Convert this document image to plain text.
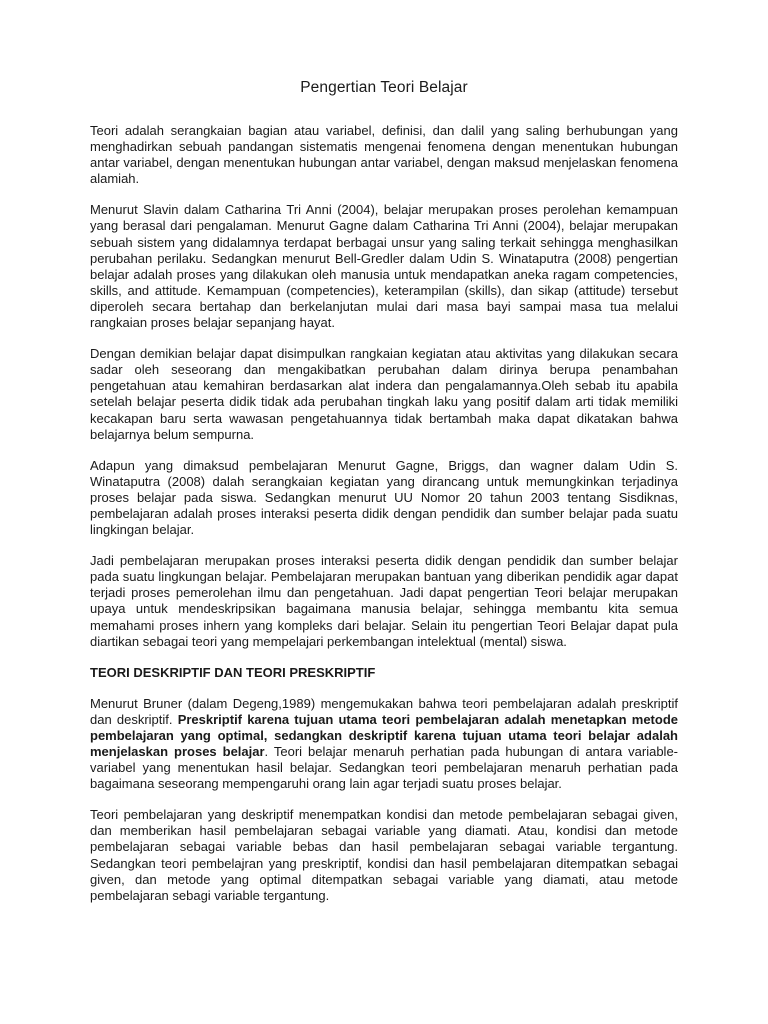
Pengertian Teori Belajar

Teori adalah serangkaian bagian atau variabel, definisi, dan dalil yang saling berhubungan yang menghadirkan sebuah pandangan sistematis mengenai fenomena dengan menentukan hubungan antar variabel, dengan menentukan hubungan antar variabel, dengan maksud menjelaskan fenomena alamiah.

Menurut Slavin dalam Catharina Tri Anni (2004), belajar merupakan proses perolehan kemampuan yang berasal dari pengalaman. Menurut Gagne dalam Catharina Tri Anni (2004), belajar merupakan sebuah sistem yang didalamnya terdapat berbagai unsur yang saling terkait sehingga menghasilkan perubahan perilaku. Sedangkan menurut Bell-Gredler dalam Udin S. Winataputra (2008) pengertian belajar adalah proses yang dilakukan oleh manusia untuk mendapatkan aneka ragam competencies, skills, and attitude. Kemampuan (competencies), keterampilan (skills), dan sikap (attitude) tersebut diperoleh secara bertahap dan berkelanjutan mulai dari masa bayi sampai masa tua melalui rangkaian proses belajar sepanjang hayat.

Dengan demikian belajar dapat disimpulkan rangkaian kegiatan atau aktivitas yang dilakukan secara sadar oleh seseorang dan mengakibatkan perubahan dalam dirinya berupa penambahan pengetahuan atau kemahiran berdasarkan alat indera dan pengalamannya.Oleh sebab itu apabila setelah belajar peserta didik tidak ada perubahan tingkah laku yang positif dalam arti tidak memiliki kecakapan baru serta wawasan pengetahuannya tidak bertambah maka dapat dikatakan bahwa belajarnya belum sempurna.

Adapun yang dimaksud pembelajaran Menurut Gagne, Briggs, dan wagner dalam Udin S. Winataputra (2008) dalah serangkaian kegiatan yang dirancang untuk memungkinkan terjadinya proses belajar pada siswa. Sedangkan menurut UU Nomor 20 tahun 2003 tentang Sisdiknas, pembelajaran adalah proses interaksi peserta didik dengan pendidik dan sumber belajar pada suatu lingkingan belajar.

Jadi pembelajaran merupakan proses interaksi peserta didik dengan pendidik dan sumber belajar pada suatu lingkungan belajar. Pembelajaran merupakan bantuan yang diberikan pendidik agar dapat terjadi proses pemerolehan ilmu dan pengetahuan. Jadi dapat pengertian Teori belajar merupakan upaya untuk mendeskripsikan bagaimana manusia belajar, sehingga membantu kita semua memahami proses inhern yang kompleks dari belajar. Selain itu pengertian Teori Belajar dapat pula diartikan sebagai teori yang mempelajari perkembangan intelektual (mental) siswa.

TEORI DESKRIPTIF DAN TEORI PRESKRIPTIF

Menurut Bruner (dalam Degeng,1989) mengemukakan bahwa teori pembelajaran adalah preskriptif dan deskriptif. Preskriptif karena tujuan utama teori pembelajaran adalah menetapkan metode pembelajaran yang optimal, sedangkan deskriptif karena tujuan utama teori belajar adalah menjelaskan proses belajar. Teori belajar menaruh perhatian pada hubungan di antara variable-variabel yang menentukan hasil belajar. Sedangkan teori pembelajaran menaruh perhatian pada bagaimana seseorang mempengaruhi orang lain agar terjadi suatu proses belajar.

Teori pembelajaran yang deskriptif menempatkan kondisi dan metode pembelajaran sebagai given, dan memberikan hasil pembelajaran sebagai variable yang diamati. Atau, kondisi dan metode pembelajaran sebagai variable bebas dan hasil pembelajaran sebagai variable tergantung. Sedangkan teori pembelajran yang preskriptif, kondisi dan hasil pembelajaran ditempatkan sebagai given, dan metode yang optimal ditempatkan sebagai variable yang diamati, atau metode pembelajaran sebagi variable tergantung.
